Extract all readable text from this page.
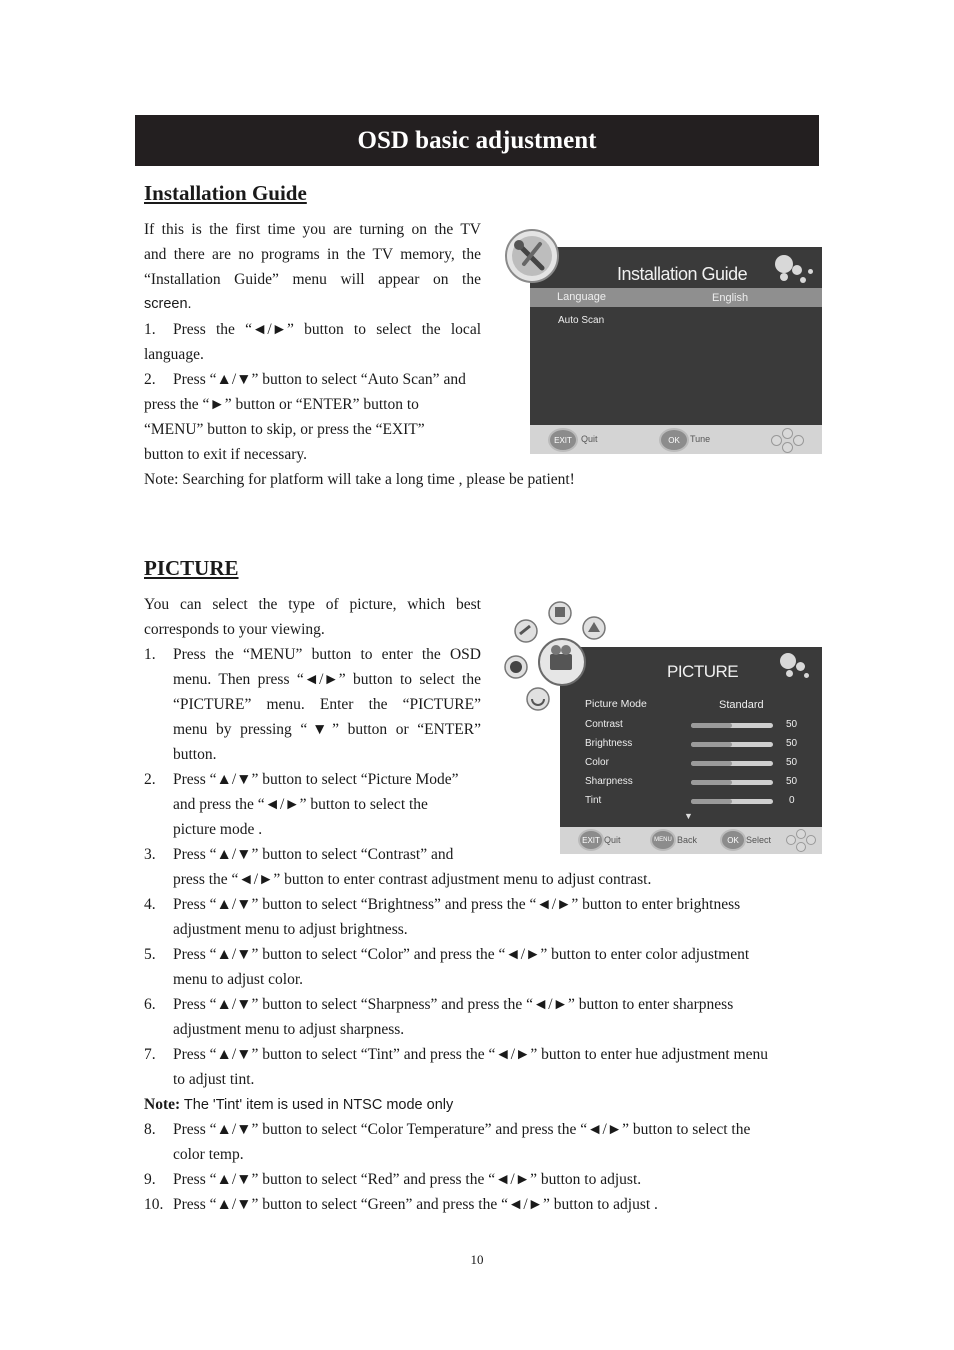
OSD basic adjustment
Installation Guide
If this is the first time you are turning on the TV
and there are no programs in the TV memory, the
“Installation Guide” menu will appear on the
screen.
1.	Press the “◄/►” button to select the local
language.
2. Press “▲/▼” button to select “Auto Scan” and
press the “►” button or “ENTER” button to
“MENU” button to skip, or press the “EXIT”
button to exit if necessary.
Note: Searching for platform will take a long time , please be patient!
Installation Guide
Language	English
Auto Scan
EXIT	Quit	OK	Tune
PICTURE
You can select the type of picture, which best
corresponds to your viewing.
1.	Press the “MENU” button to enter the OSD
menu. Then press “◄/►” button to select the
“PICTURE” menu. Enter the “PICTURE”
menu by pressing “▼” button or “ENTER”
button.
2. Press “▲/▼” button to select “Picture Mode”
and press the “◄/►” button to select the
picture mode .
3. Press “▲/▼” button to select “Contrast” and
press the “◄/►” button to enter contrast adjustment menu to adjust contrast.
4. Press “▲/▼” button to select “Brightness” and press the “◄/►” button to enter brightness
adjustment menu to adjust brightness.
5. Press “▲/▼” button to select “Color” and press the “◄/►” button to enter color adjustment
menu to adjust color.
6. Press “▲/▼” button to select “Sharpness” and press the “◄/►” button to enter sharpness
adjustment menu to adjust sharpness.
7. Press “▲/▼” button to select “Tint” and press the “◄/►” button to enter hue adjustment menu
to adjust tint.
Note: The 'Tint' item is used in NTSC mode only
8. Press “▲/▼” button to select “Color Temperature” and press the “◄/►” button to select the
color temp.
9. Press “▲/▼” button to select “Red” and press the “◄/►” button to adjust.
10. Press “▲/▼” button to select “Green” and press the “◄/►” button to adjust .
PICTURE
Picture Mode	Standard
Contrast	50
Brightness	50
Color	50
Sharpness	50
Tint	0
▼
EXIT Quit	MENU Back	OK Select
10
